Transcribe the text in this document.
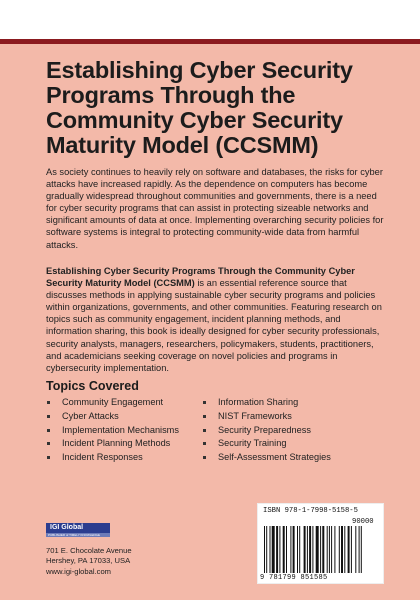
Establishing Cyber Security Programs Through the Community Cyber Security Maturity Model (CCSMM)

As society continues to heavily rely on software and databases, the risks for cyber attacks have increased rapidly. As the dependence on computers has become gradually widespread throughout communities and governments, there is a need for cyber security programs that can assist in protecting sizeable networks and significant amounts of data at once. Implementing overarching security policies for software systems is integral to protecting community-wide data from harmful attacks.

Establishing Cyber Security Programs Through the Community Cyber Security Maturity Model (CCSMM) is an essential reference source that discusses methods in applying sustainable cyber security programs and policies within organizations, governments, and other communities. Featuring research on topics such as community engagement, incident planning methods, and information sharing, this book is ideally designed for cyber security professionals, security analysts, managers, researchers, policymakers, students, practitioners, and academicians seeking coverage on novel policies and programs in cybersecurity implementation.

Topics Covered
Community Engagement
Cyber Attacks
Implementation Mechanisms
Incident Planning Methods
Incident Responses
Information Sharing
NIST Frameworks
Security Preparedness
Security Training
Self-Assessment Strategies
IGI Global
PUBLISHER of TIMELY KNOWLEDGE
701 E. Chocolate Avenue
Hershey, PA 17033, USA
www.igi-global.com
ISBN 978-1-7998-5158-5
90000
9 781799 851585
